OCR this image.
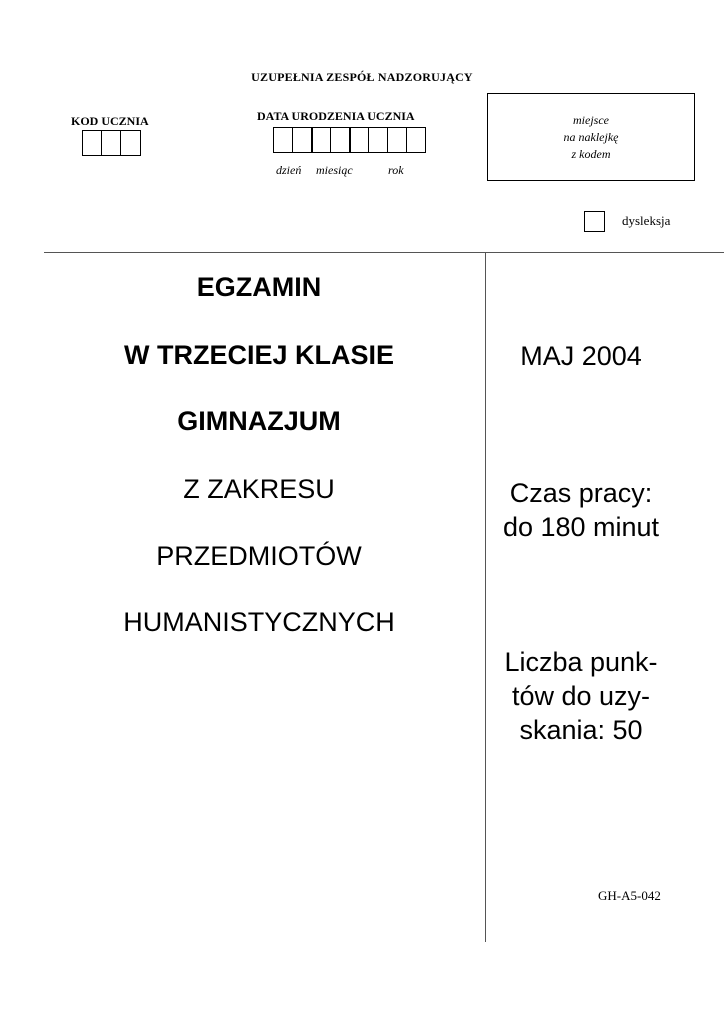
UZUPEŁNIA ZESPÓŁ NADZORUJĄCY
KOD UCZNIA	DATA URODZENIA UCZNIA
dzień miesiąc	rok
miejsce
na naklejkę
z kodem
dysleksja
EGZAMIN
W TRZECIEJ KLASIE
GIMNAZJUM
Z ZAKRESU
PRZEDMIOTÓW
HUMANISTYCZNYCH
MAJ 2004
Czas pracy:
do 180 minut
Liczba punk-
tów do uzy-
skania: 50
GH-A5-042
